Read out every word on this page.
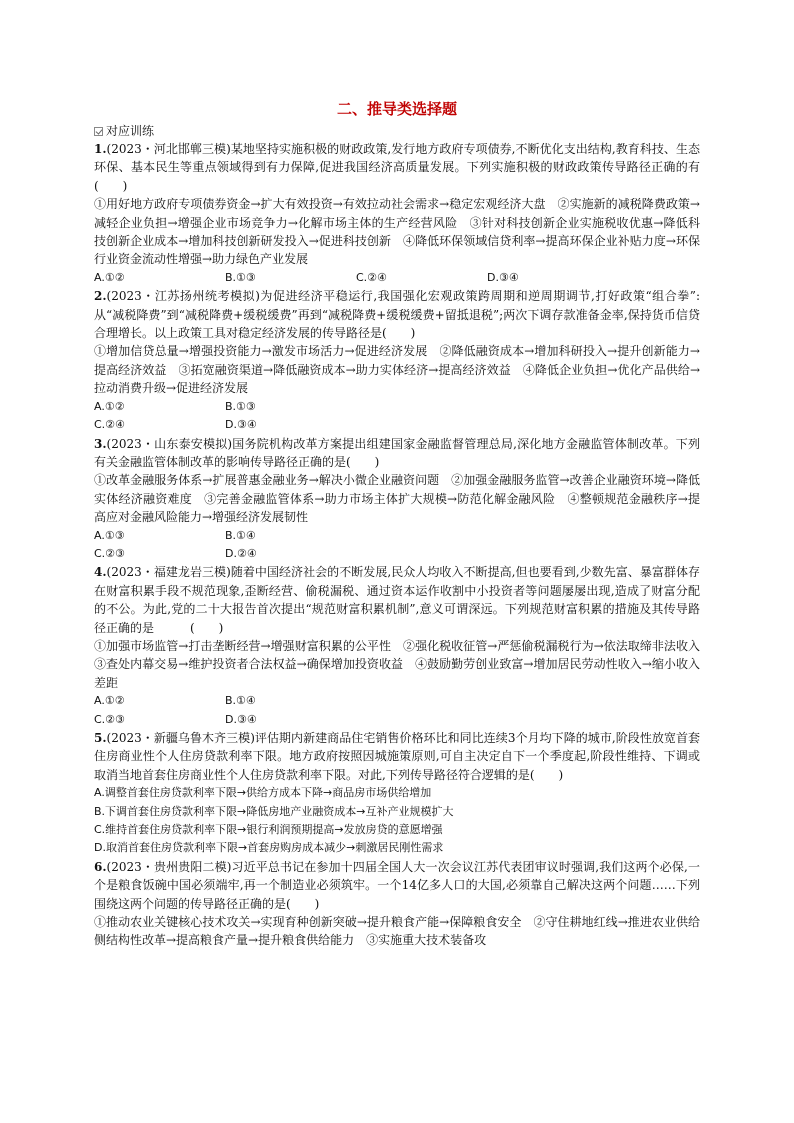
二、推导类选择题
对应训练

1.(2023・河北邯郸三模)某地坚持实施积极的财政政策,发行地方政府专项债券,不断优化支出结构,教育科技、生态环保、基本民生等重点领域得到有力保障,促进我国经济高质量发展。下列实施积极的财政政策传导路径正确的有(　　)

①用好地方政府专项债券资金→扩大有效投资→有效拉动社会需求→稳定宏观经济大盘　②实施新的减税降费政策→减轻企业负担→增强企业市场竞争力→化解市场主体的生产经营风险　③针对科技创新企业实施税收优惠→降低科技创新企业成本→增加科技创新研发投入→促进科技创新　④降低环保领域信贷利率→提高环保企业补贴力度→环保行业资金流动性增强→助力绿色产业发展

A.①②	B.①③	C.②④	D.③④

2.(2023・江苏扬州统考模拟)为促进经济平稳运行,我国强化宏观政策跨周期和逆周期调节,打好政策“组合拳”:从“减税降费”到“减税降费+缓税缓费”再到“减税降费+缓税缓费+留抵退税”;两次下调存款准备金率,保持货币信贷合理增长。以上政策工具对稳定经济发展的传导路径是(　　)

①增加信贷总量→增强投资能力→激发市场活力→促进经济发展　②降低融资成本→增加科研投入→提升创新能力→提高经济效益　③拓宽融资渠道→降低融资成本→助力实体经济→提高经济效益　④降低企业负担→优化产品供给→拉动消费升级→促进经济发展

A.①②	B.①③
C.②④	D.③④

3.(2023・山东泰安模拟)国务院机构改革方案提出组建国家金融监督管理总局,深化地方金融监管体制改革。下列有关金融监管体制改革的影响传导路径正确的是(　　)

①改革金融服务体系→扩展普惠金融业务→解决小微企业融资问题　②加强金融服务监管→改善企业融资环境→降低实体经济融资难度　③完善金融监管体系→助力市场主体扩大规模→防范化解金融风险　④整顿规范金融秩序→提高应对金融风险能力→增强经济发展韧性

A.①③	B.①④
C.②③	D.②④

4.(2023・福建龙岩三模)随着中国经济社会的不断发展,民众人均收入不断提高,但也要看到,少数先富、暴富群体存在财富积累手段不规范现象,歪断经营、偷税漏税、通过资本运作收割中小投资者等问题屡屡出现,造成了财富分配的不公。为此,党的二十大报告首次提出“规范财富积累机制”,意义可谓深远。下列规范财富积累的措施及其传导路径正确的是　　　(　　)

①加强市场监管→打击垄断经营→增强财富积累的公平性　②强化税收征管→严惩偷税漏税行为→依法取缔非法收入　③查处内幕交易→维护投资者合法权益→确保增加投资收益　④鼓励勤劳创业致富→增加居民劳动性收入→缩小收入差距

A.①②	B.①④
C.②③	D.③④

5.(2023・新疆乌鲁木齐三模)评估期内新建商品住宅销售价格环比和同比连续3个月均下降的城市,阶段性放宽首套住房商业性个人住房贷款利率下限。地方政府按照因城施策原则,可自主决定自下一个季度起,阶段性维持、下调或取消当地首套住房商业性个人住房贷款利率下限。对此,下列传导路径符合逻辑的是(　　)

A.调整首套住房贷款利率下限→供给方成本下降→商品房市场供给增加
B.下调首套住房贷款利率下限→降低房地产业融资成本→互补产业规模扩大
C.维持首套住房贷款利率下限→银行利润预期提高→发放房贷的意愿增强
D.取消首套住房贷款利率下限→首套房购房成本减少→刺激居民刚性需求

6.(2023・贵州贵阳二模)习近平总书记在参加十四届全国人大一次会议江苏代表团审议时强调,我们这两个必保,一个是粮食饭碗中国必须端牢,再一个制造业必须筑牢。一个14亿多人口的大国,必须靠自己解决这两个问题……下列围绕这两个问题的传导路径正确的是(　　)

①推动农业关键核心技术攻关→实现育种创新突破→提升粮食产能→保障粮食安全　②守住耕地红线→推进农业供给侧结构性改革→提高粮食产量→提升粮食供给能力　③实施重大技术装备攻
